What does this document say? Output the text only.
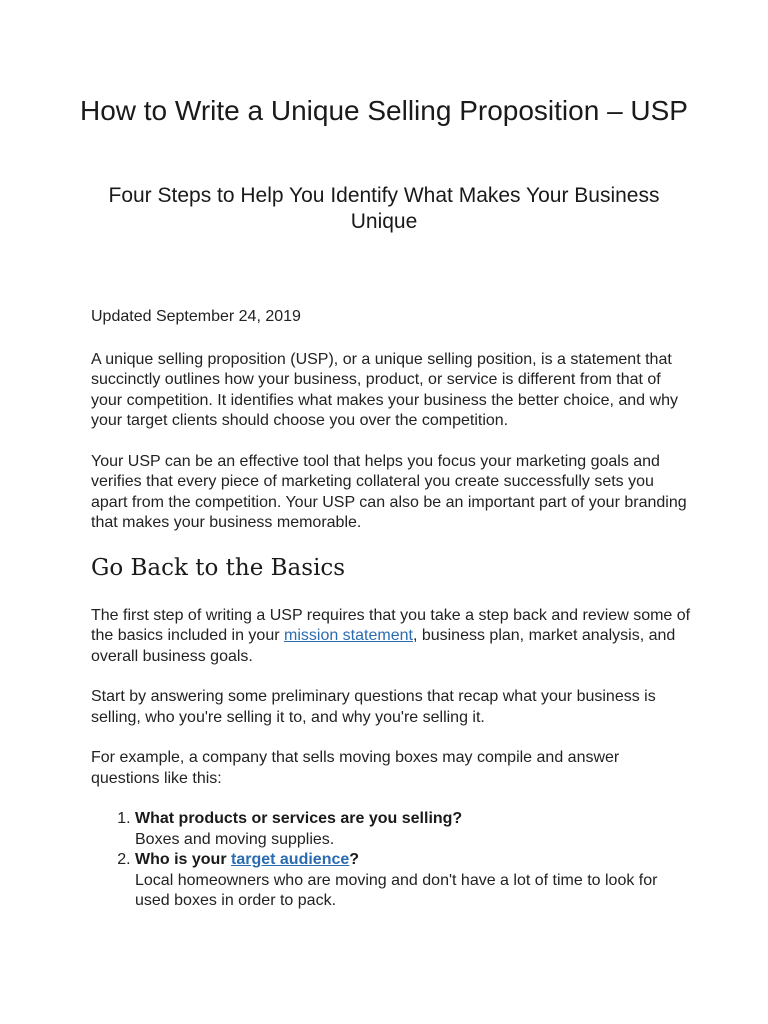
How to Write a Unique Selling Proposition – USP
Four Steps to Help You Identify What Makes Your Business Unique

Updated September 24, 2019

A unique selling proposition (USP), or a unique selling position, is a statement that succinctly outlines how your business, product, or service is different from that of your competition. It identifies what makes your business the better choice, and why your target clients should choose you over the competition.

Your USP can be an effective tool that helps you focus your marketing goals and verifies that every piece of marketing collateral you create successfully sets you apart from the competition. Your USP can also be an important part of your branding that makes your business memorable.

Go Back to the Basics

The first step of writing a USP requires that you take a step back and review some of the basics included in your mission statement, business plan, market analysis, and overall business goals.

Start by answering some preliminary questions that recap what your business is selling, who you're selling it to, and why you're selling it.

For example, a company that sells moving boxes may compile and answer questions like this:

1. What products or services are you selling?
Boxes and moving supplies.
2. Who is your target audience?
Local homeowners who are moving and don't have a lot of time to look for used boxes in order to pack.
